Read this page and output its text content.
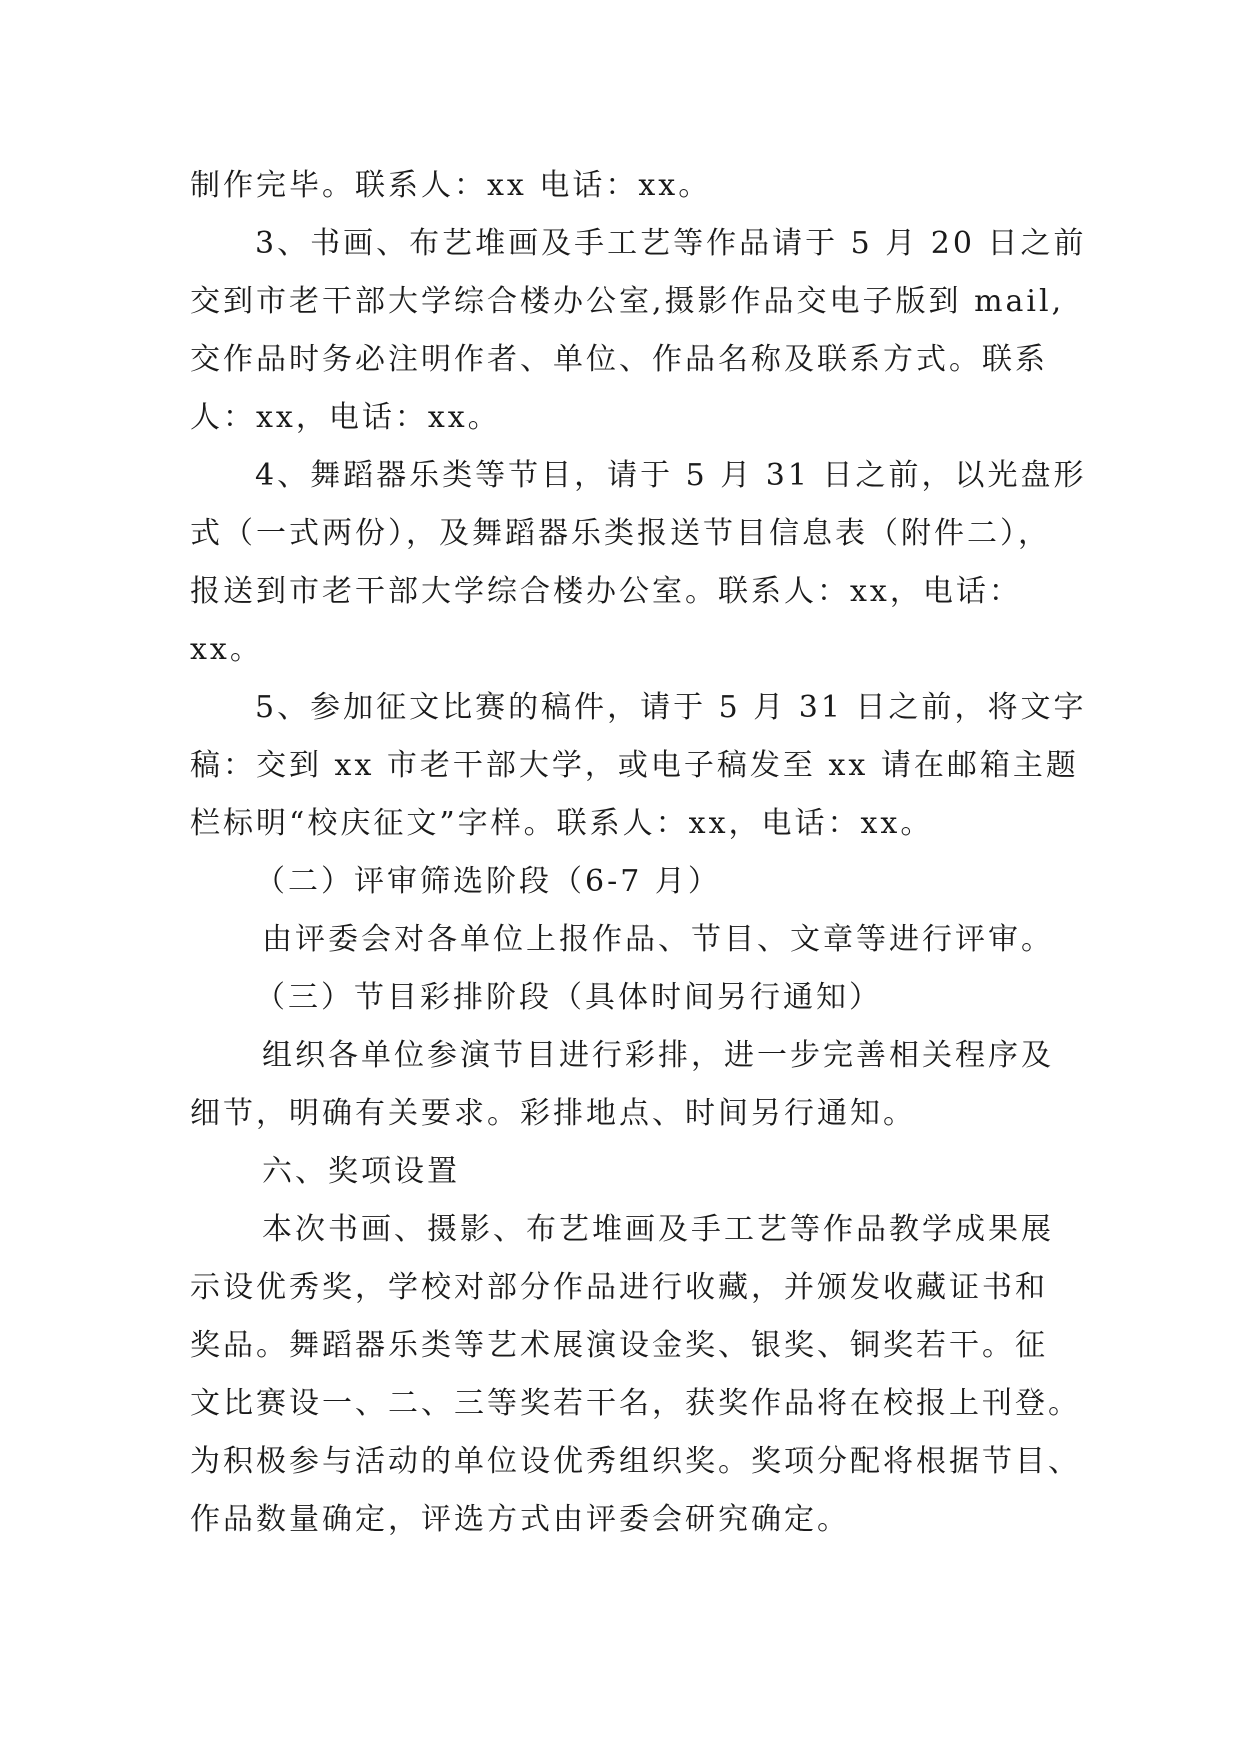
制作完毕。联系人：xx 电话：xx。
3、书画、布艺堆画及手工艺等作品请于 5 月 20 日之前
交到市老干部大学综合楼办公室,摄影作品交电子版到 mail,
交作品时务必注明作者、单位、作品名称及联系方式。联系
人：xx，电话：xx。
4、舞蹈器乐类等节目，请于 5 月 31 日之前，以光盘形
式（一式两份），及舞蹈器乐类报送节目信息表（附件二），
报送到市老干部大学综合楼办公室。联系人：xx，电话：
xx。
5、参加征文比赛的稿件，请于 5 月 31 日之前，将文字
稿：交到 xx 市老干部大学，或电子稿发至 xx 请在邮箱主题
栏标明“校庆征文”字样。联系人：xx，电话：xx。
（二）评审筛选阶段（6-7 月）
由评委会对各单位上报作品、节目、文章等进行评审。
（三）节目彩排阶段（具体时间另行通知）
组织各单位参演节目进行彩排，进一步完善相关程序及
细节，明确有关要求。彩排地点、时间另行通知。
六、奖项设置
本次书画、摄影、布艺堆画及手工艺等作品教学成果展
示设优秀奖，学校对部分作品进行收藏，并颁发收藏证书和
奖品。舞蹈器乐类等艺术展演设金奖、银奖、铜奖若干。征
文比赛设一、二、三等奖若干名，获奖作品将在校报上刊登。
为积极参与活动的单位设优秀组织奖。奖项分配将根据节目、
作品数量确定，评选方式由评委会研究确定。
